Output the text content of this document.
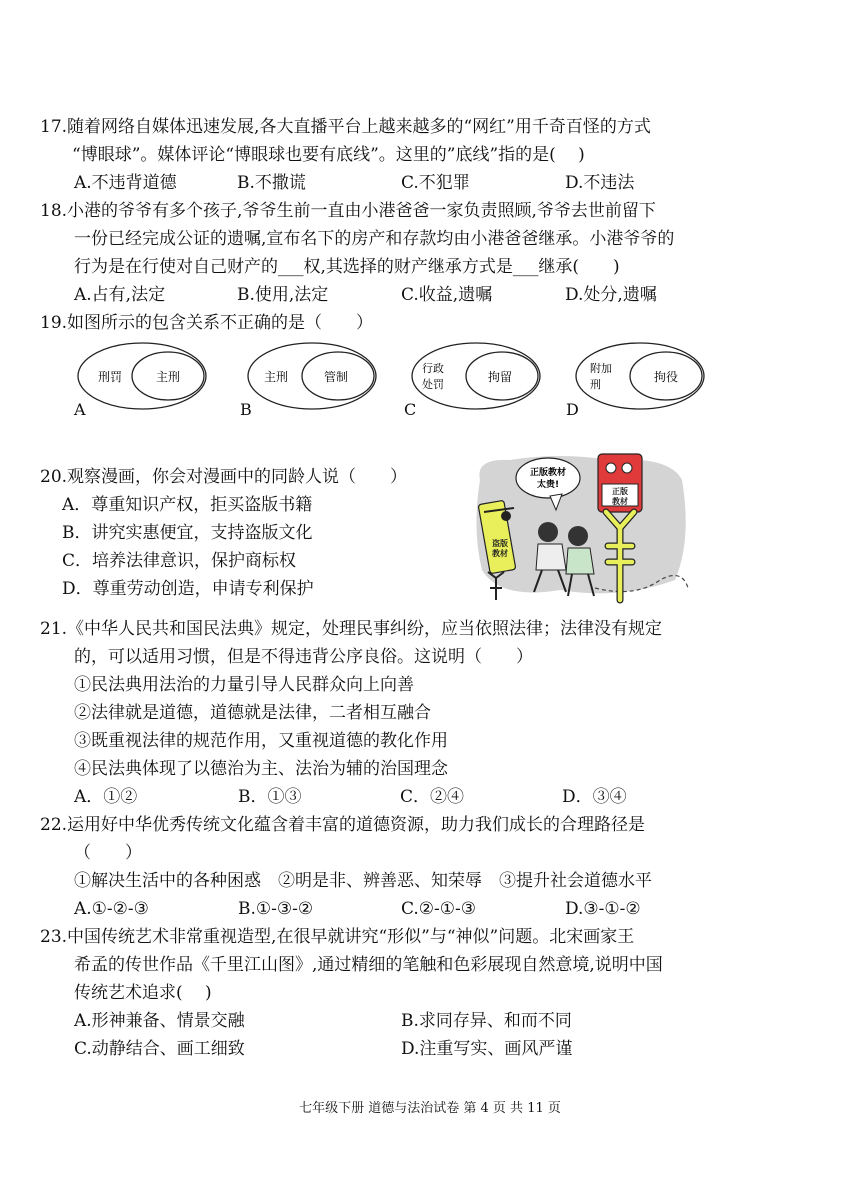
17.随着网络自媒体迅速发展,各大直播平台上越来越多的“网红”用千奇百怪的方式
“博眼球”。媒体评论“博眼球也要有底线”。这里的”底线”指的是(　 )
A.不违背道德	B.不撒谎	C.不犯罪	D.不违法
18.小港的爷爷有多个孩子,爷爷生前一直由小港爸爸一家负责照顾,爷爷去世前留下
一份已经完成公证的遗嘱,宣布名下的房产和存款均由小港爸爸继承。小港爷爷的
行为是在行使对自己财产的___权,其选择的财产继承方式是___继承(　　)
A.占有,法定	B.使用,法定	C.收益,遗嘱	D.处分,遗嘱
19.如图所示的包含关系不正确的是（　　）
刑罚	主刑
A
主刑	管制
B
行政
处罚
拘留
C
附加
刑
拘役
D
20.观察漫画，你会对漫画中的同龄人说（　　）
A．尊重知识产权，拒买盗版书籍
B．讲究实惠便宜，支持盗版文化
C．培养法律意识，保护商标权
D．尊重劳动创造，申请专利保护
正版教材
太贵!
盗版
教材
正版
教材
21.《中华人民共和国民法典》规定，处理民事纠纷，应当依照法律；法律没有规定
的，可以适用习惯，但是不得违背公序良俗。这说明（　　）
①民法典用法治的力量引导人民群众向上向善
②法律就是道德，道德就是法律，二者相互融合
③既重视法律的规范作用，又重视道德的教化作用
④民法典体现了以德治为主、法治为辅的治国理念
A．①②	B．①③	C．②④	D．③④
22.运用好中华优秀传统文化蕴含着丰富的道德资源，助力我们成长的合理路径是
（　　）
①解决生活中的各种困惑　②明是非、辨善恶、知荣辱　③提升社会道德水平
A.①-②-③	B.①-③-②	C.②-①-③	D.③-①-②
23.中国传统艺术非常重视造型,在很早就讲究“形似”与“神似”问题。北宋画家王
希孟的传世作品《千里江山图》,通过精细的笔触和色彩展现自然意境,说明中国
传统艺术追求(　 )
A.形神兼备、情景交融	B.求同存异、和而不同
C.动静结合、画工细致	D.注重写实、画风严谨
七年级下册 道德与法治试卷 第 4 页 共 11 页
